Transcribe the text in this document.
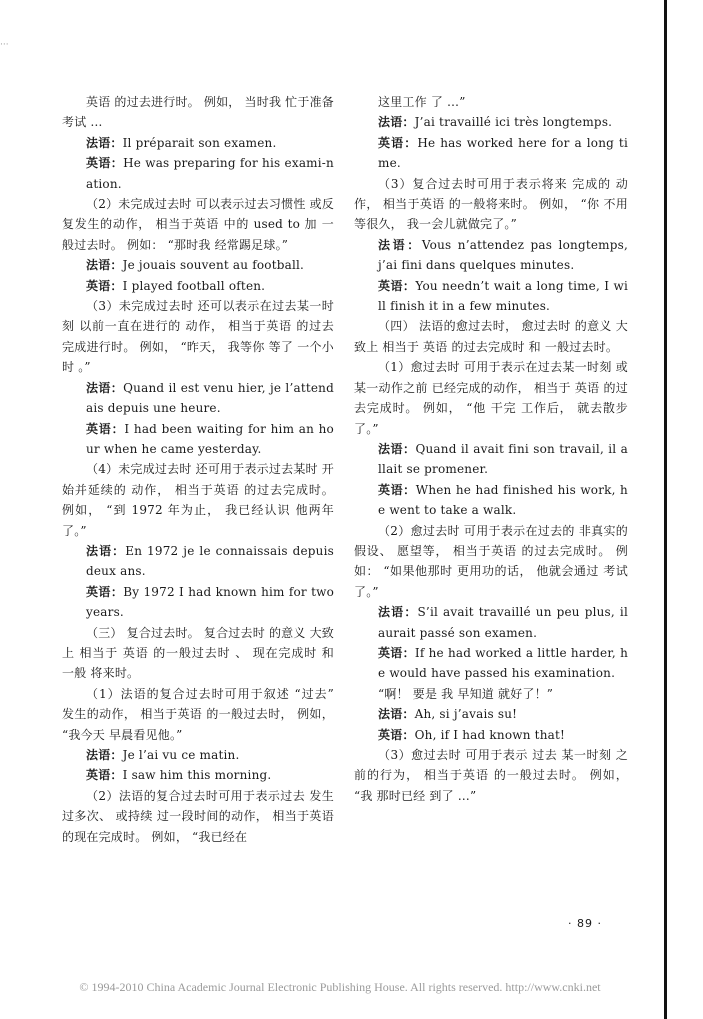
⋅⋅⋅

英语 的过去进行时。 例如， 当时我 忙于准备 考试 …

法语：Il préparait son examen.

英语：He was preparing for his exami-nation.

（2）未完成过去时 可以表示过去习惯性 或反复发生的动作， 相当于英语 中的 used to 加 一 般过去时。 例如： “那时我 经常踢足球。”

法语：Je jouais souvent au football.

英语：I played football often.

（3）未完成过去时 还可以表示在过去某一时刻 以前一直在进行的 动作， 相当于英语 的过去完成进行时。 例如， “昨天， 我等你 等了 一个小时 。”

法语：Quand il est venu hier, je l’attendais depuis une heure.

英语：I had been waiting for him an hour when he came yesterday.

（4）未完成过去时 还可用于表示过去某时 开始并延续的 动作， 相当于英语 的过去完成时。 例如， “到 1972 年为止， 我已经认识 他两年了。”

法语：En 1972 je le connaissais depuis deux ans.

英语：By 1972 I had known him for two years.

（三） 复合过去时。 复合过去时 的意义 大致上 相当于 英语 的一般过去时 、 现在完成时 和 一般 将来时。

（1）法语的复合过去时可用于叙述 “过去” 发生的动作， 相当于英语 的一般过去时， 例如， “我今天 早晨看见他。”

法语：Je l’ai vu ce matin.

英语：I saw him this morning.

（2）法语的复合过去时可用于表示过去 发生过多次、 或持续 过一段时间的动作， 相当于英语 的现在完成时。 例如， “我已经在

这里工作 了 …”

法语：J’ai travaillé ici très longtemps.

英语：He has worked here for a long time.

（3）复合过去时可用于表示将来 完成的 动作， 相当于英语 的一般将来时。 例如， “你 不用 等很久， 我一会儿就做完了。”

法语：Vous n’attendez pas longtemps, j’ai fini dans quelques minutes.

英语：You needn’t wait a long time, I will finish it in a few minutes.

（四） 法语的愈过去时， 愈过去时 的意义 大致上 相当于 英语 的过去完成时 和 一般过去时。

（1）愈过去时 可用于表示在过去某一时刻 或某一动作之前 已经完成的动作， 相当于 英语 的过去完成时。 例如， “他 干完 工作后， 就去散步了。”

法语：Quand il avait fini son travail, il allait se promener.

英语：When he had finished his work, he went to take a walk.

（2）愈过去时 可用于表示在过去的 非真实的假设、 愿望等， 相当于英语 的过去完成时。 例如： “如果他那时 更用功的话， 他就会通过 考试 了。”

法语：S’il avait travaillé un peu plus, il aurait passé son examen.

英语：If he had worked a little harder, he would have passed his examination.

“啊！ 要是 我 早知道 就好了！”

法语：Ah, si j’avais su!

英语：Oh, if I had known that!

（3）愈过去时 可用于表示 过去 某一时刻 之前的行为， 相当于英语 的一般过去时。 例如， “我 那时已经 到了 …”

· 89 ·
© 1994-2010 China Academic Journal Electronic Publishing House. All rights reserved. http://www.cnki.net
